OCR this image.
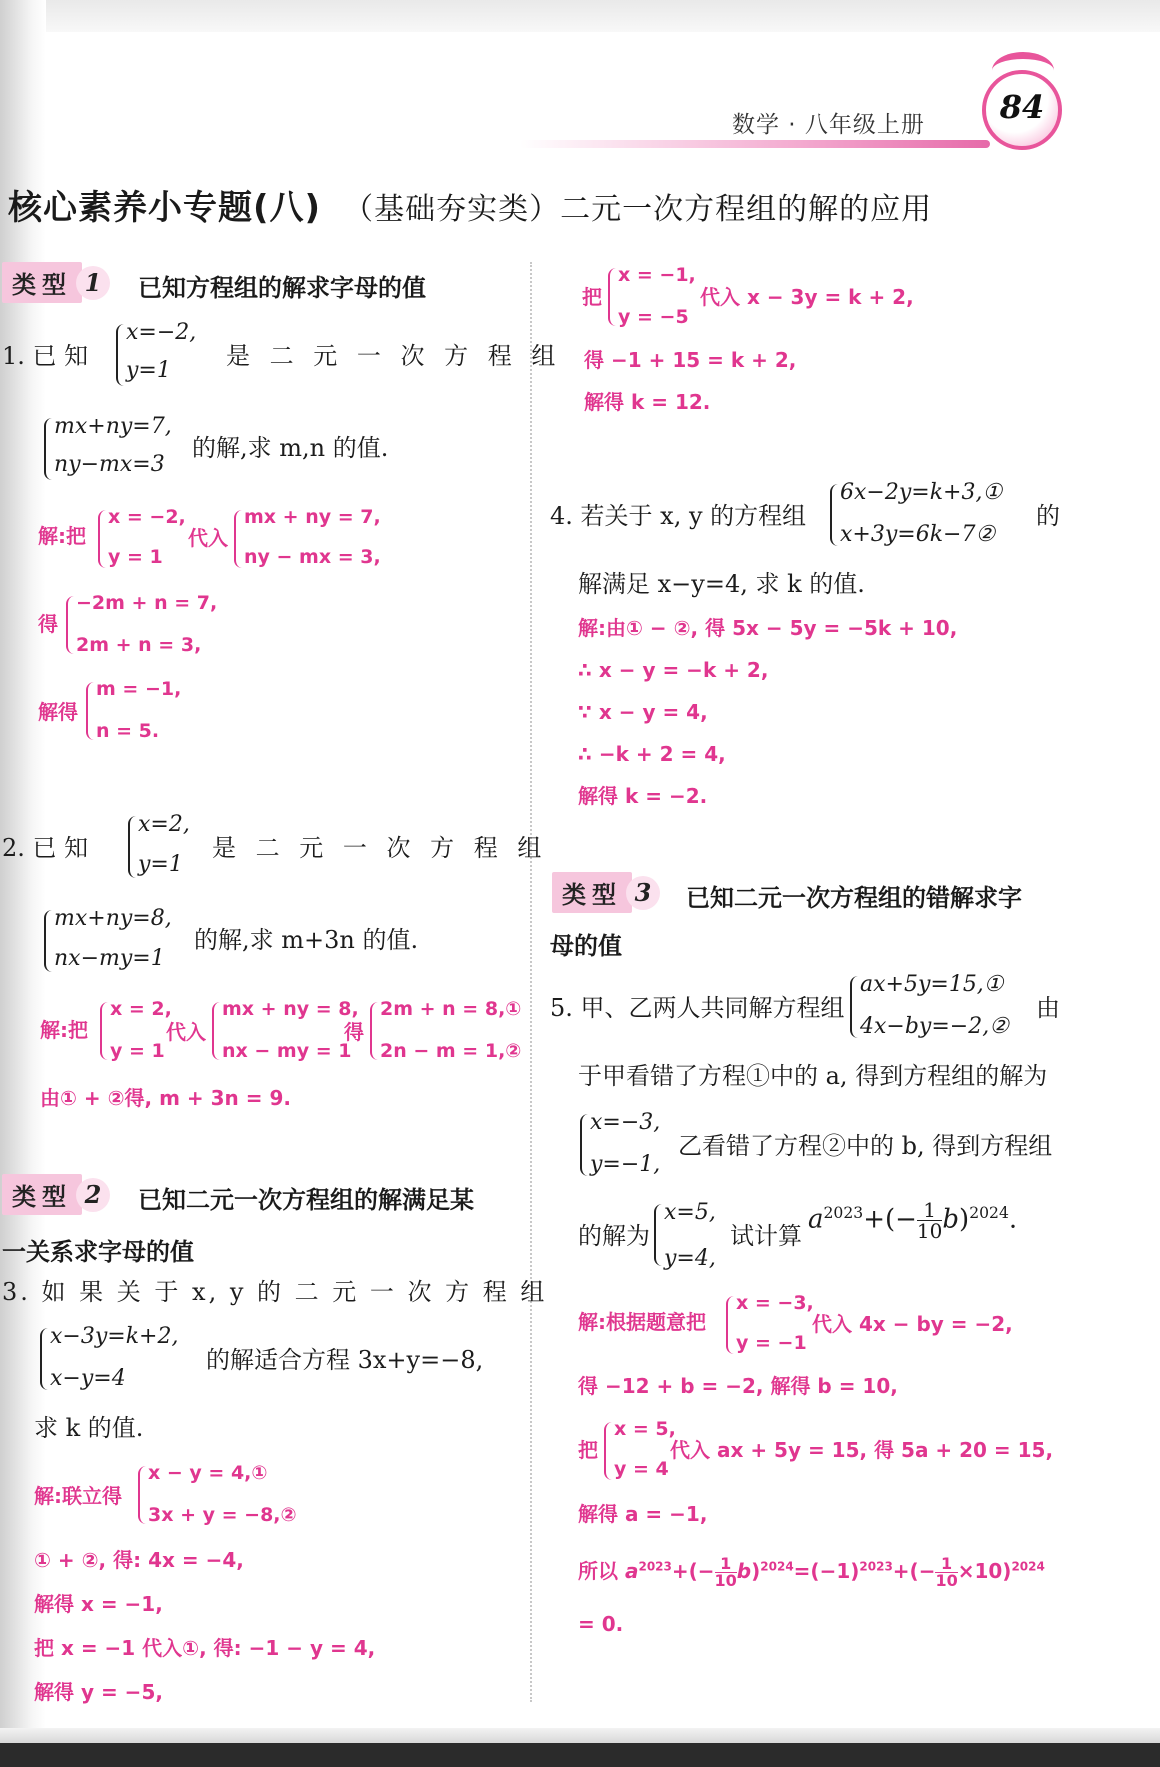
数学 · 八年级上册	84
核心素养小专题(八) （基础夯实类）二元一次方程组的解的应用
类型 1	已知方程组的解求字母的值
1. 已 知
x=−2,
y=1
是 二 元 一 次 方 程 组
mx+ny=7,
ny−mx=3
的解,求 m,n 的值.
解:把
x = −2,
y = 1
代入
mx + ny = 7,
ny − mx = 3,
得
−2m + n = 7,
2m + n = 3,
解得
m = −1,
n = 5.
2. 已 知
x=2,
y=1
是 二 元 一 次 方 程 组
mx+ny=8,
nx−my=1
的解,求 m+3n 的值.
解:把
x = 2,
y = 1
代入
mx + ny = 8,
nx − my = 1
得
2m + n = 8,①
2n − m = 1,②
由① + ②得, m + 3n = 9.
类型 2	已知二元一次方程组的解满足某
一关系求字母的值
3. 如 果 关 于 x, y 的 二 元 一 次 方 程 组
x−3y=k+2,
x−y=4
的解适合方程 3x+y=−8,
求 k 的值.
解:联立得
x − y = 4,①
3x + y = −8,②
① + ②, 得: 4x = −4,
解得 x = −1,
把 x = −1 代入①, 得: −1 − y = 4,
解得 y = −5,
把
x = −1,
y = −5
代入 x − 3y = k + 2,
得 −1 + 15 = k + 2,
解得 k = 12.
4. 若关于 x, y 的方程组
6x−2y=k+3,①
x+3y=6k−7②
的
解满足 x−y=4, 求 k 的值.
解:由① − ②, 得 5x − 5y = −5k + 10,
∴ x − y = −k + 2,
∵ x − y = 4,
∴ −k + 2 = 4,
解得 k = −2.
类型 3	已知二元一次方程组的错解求字
母的值
5. 甲、乙两人共同解方程组
ax+5y=15,①
4x−by=−2,②
由
于甲看错了方程①中的 a, 得到方程组的解为
x=−3,
y=−1,
乙看错了方程②中的 b, 得到方程组
的解为
x=5,
y=4,
试计算
$a^{2023}+(- \frac{1}{10} b)^{2024}$.
解:根据题意把
x = −3,
y = −1
代入 4x − by = −2,
得 −12 + b = −2, 解得 b = 10,
把
x = 5,
y = 4
代入 ax + 5y = 15, 得 5a + 20 = 15,
解得 a = −1,
所以 $a^{2023}+(- \frac{1}{10} b)^{2024}=(-1)^{2023}+(- \frac{1}{10} \times 10)^{2024}$
= 0.
